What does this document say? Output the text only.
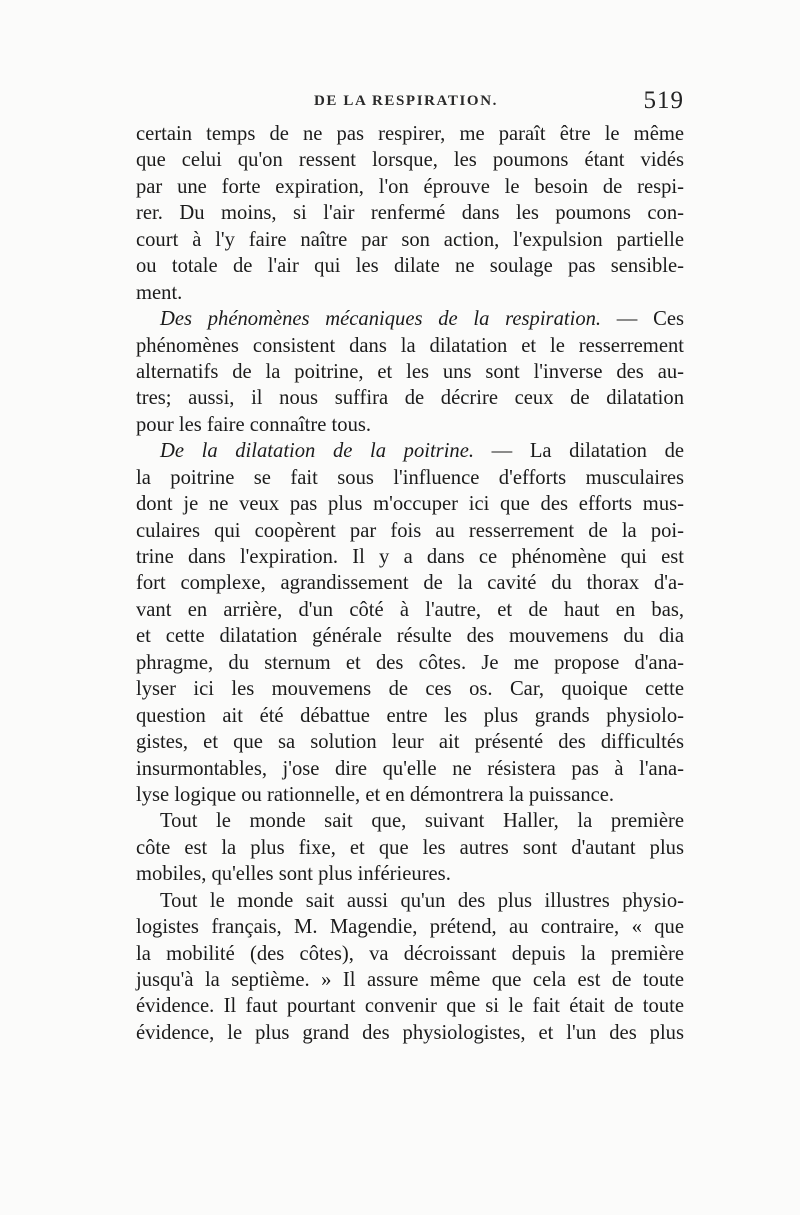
DE LA RESPIRATION.	519
certain temps de ne pas respirer, me paraît être le même
que celui qu'on ressent lorsque, les poumons étant vidés
par une forte expiration, l'on éprouve le besoin de respi-
rer. Du moins, si l'air renfermé dans les poumons con-
court à l'y faire naître par son action, l'expulsion partielle
ou totale de l'air qui les dilate ne soulage pas sensible-
ment.
Des phénomènes mécaniques de la respiration. — Ces
phénomènes consistent dans la dilatation et le resserrement
alternatifs de la poitrine, et les uns sont l'inverse des au-
tres; aussi, il nous suffira de décrire ceux de dilatation
pour les faire connaître tous.
De la dilatation de la poitrine. — La dilatation de
la poitrine se fait sous l'influence d'efforts musculaires
dont je ne veux pas plus m'occuper ici que des efforts mus-
culaires qui coopèrent par fois au resserrement de la poi-
trine dans l'expiration. Il y a dans ce phénomène qui est
fort complexe, agrandissement de la cavité du thorax d'a-
vant en arrière, d'un côté à l'autre, et de haut en bas,
et cette dilatation générale résulte des mouvemens du dia
phragme, du sternum et des côtes. Je me propose d'ana-
lyser ici les mouvemens de ces os. Car, quoique cette
question ait été débattue entre les plus grands physiolo-
gistes, et que sa solution leur ait présenté des difficultés
insurmontables, j'ose dire qu'elle ne résistera pas à l'ana-
lyse logique ou rationnelle, et en démontrera la puissance.
Tout le monde sait que, suivant Haller, la première
côte est la plus fixe, et que les autres sont d'autant plus
mobiles, qu'elles sont plus inférieures.
Tout le monde sait aussi qu'un des plus illustres physio-
logistes français, M. Magendie, prétend, au contraire, « que
la mobilité (des côtes), va décroissant depuis la première
jusqu'à la septième. » Il assure même que cela est de toute
évidence. Il faut pourtant convenir que si le fait était de toute
évidence, le plus grand des physiologistes, et l'un des plus
